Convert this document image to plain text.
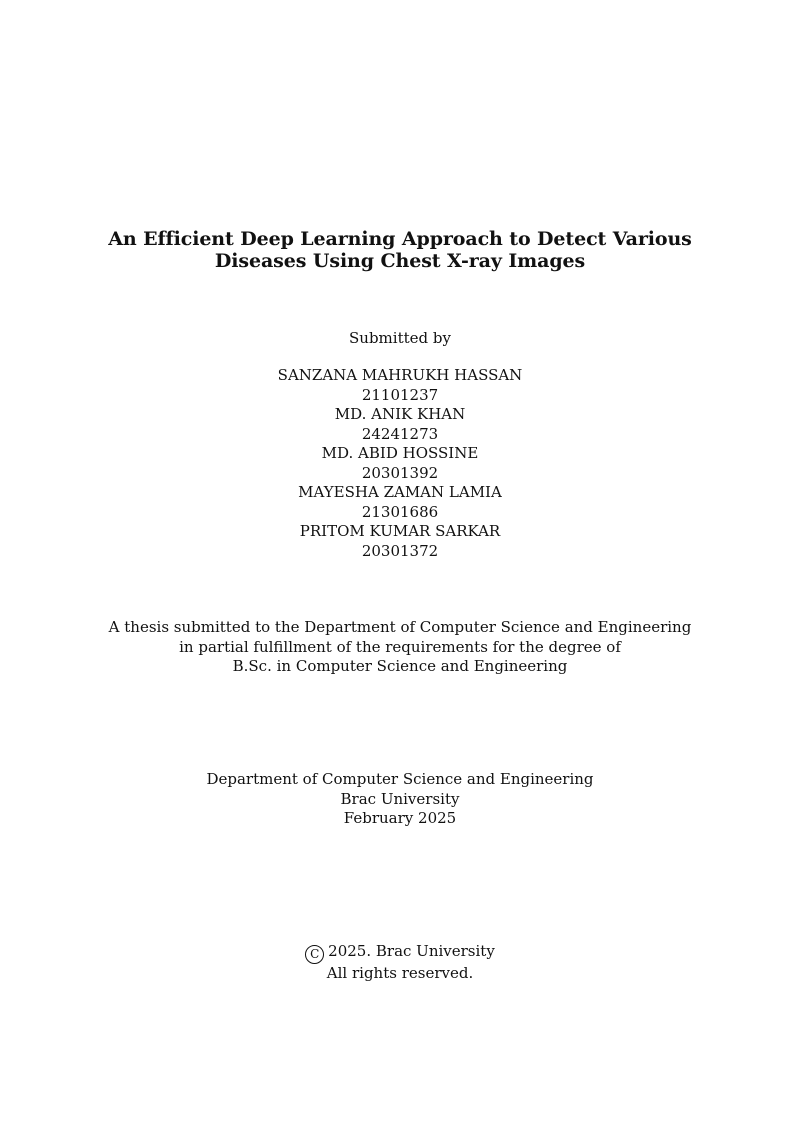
An Efficient Deep Learning Approach to Detect Various
Diseases Using Chest X-ray Images
Submitted by
SANZANA MAHRUKH HASSAN
21101237
MD. ANIK KHAN
24241273
MD. ABID HOSSINE
20301392
MAYESHA ZAMAN LAMIA
21301686
PRITOM KUMAR SARKAR
20301372
A thesis submitted to the Department of Computer Science and Engineering
in partial fulfillment of the requirements for the degree of
B.Sc. in Computer Science and Engineering
Department of Computer Science and Engineering
Brac University
February 2025
C 2025. Brac University
All rights reserved.
